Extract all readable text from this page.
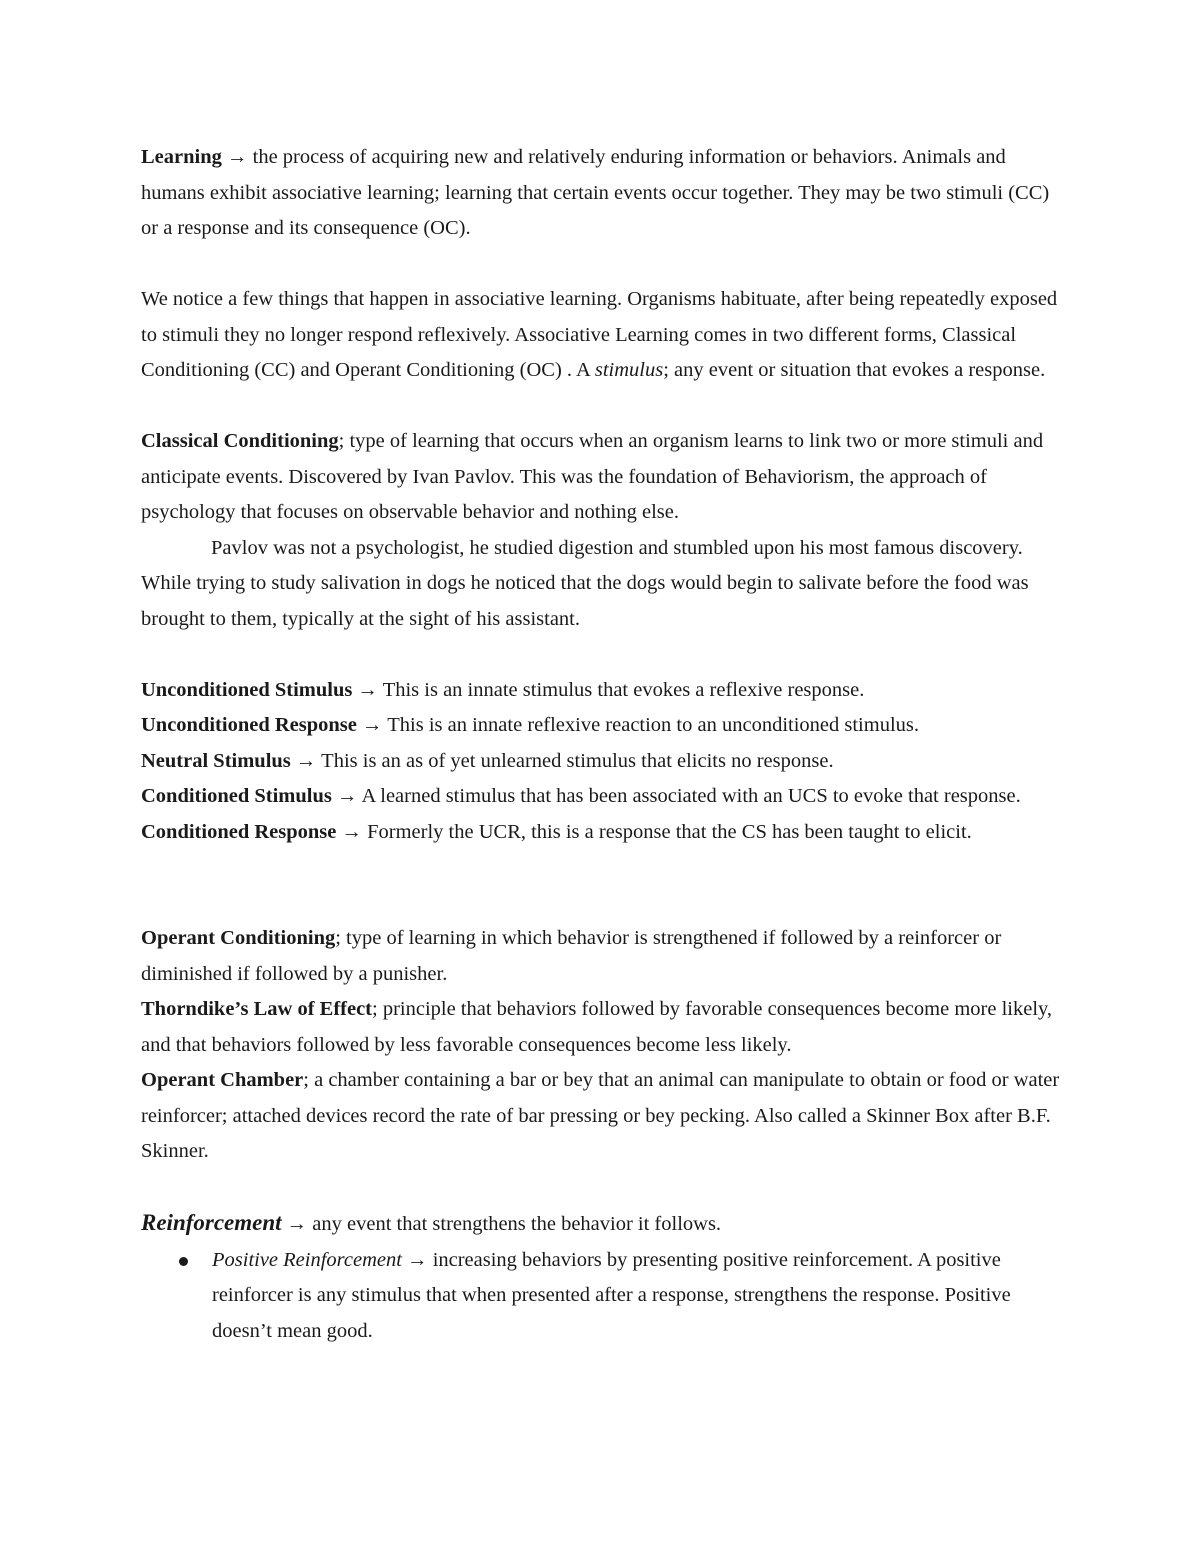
Learning → the process of acquiring new and relatively enduring information or behaviors. Animals and humans exhibit associative learning; learning that certain events occur together. They may be two stimuli (CC) or a response and its consequence (OC).

We notice a few things that happen in associative learning. Organisms habituate, after being repeatedly exposed to stimuli they no longer respond reflexively. Associative Learning comes in two different forms, Classical Conditioning (CC) and Operant Conditioning (OC) . A stimulus; any event or situation that evokes a response.

Classical Conditioning; type of learning that occurs when an organism learns to link two or more stimuli and anticipate events. Discovered by Ivan Pavlov. This was the foundation of Behaviorism, the approach of psychology that focuses on observable behavior and nothing else.

Pavlov was not a psychologist, he studied digestion and stumbled upon his most famous discovery. While trying to study salivation in dogs he noticed that the dogs would begin to salivate before the food was brought to them, typically at the sight of his assistant.

Unconditioned Stimulus → This is an innate stimulus that evokes a reflexive response.

Unconditioned Response → This is an innate reflexive reaction to an unconditioned stimulus.

Neutral Stimulus → This is an as of yet unlearned stimulus that elicits no response.

Conditioned Stimulus → A learned stimulus that has been associated with an UCS to evoke that response.

Conditioned Response → Formerly the UCR, this is a response that the CS has been taught to elicit.

Operant Conditioning; type of learning in which behavior is strengthened if followed by a reinforcer or diminished if followed by a punisher.

Thorndike’s Law of Effect; principle that behaviors followed by favorable consequences become more likely, and that behaviors followed by less favorable consequences become less likely.

Operant Chamber; a chamber containing a bar or bey that an animal can manipulate to obtain or food or water reinforcer; attached devices record the rate of bar pressing or bey pecking. Also called a Skinner Box after B.F. Skinner.

Reinforcement → any event that strengthens the behavior it follows.

Positive Reinforcement → increasing behaviors by presenting positive reinforcement. A positive reinforcer is any stimulus that when presented after a response, strengthens the response. Positive doesn’t mean good.
